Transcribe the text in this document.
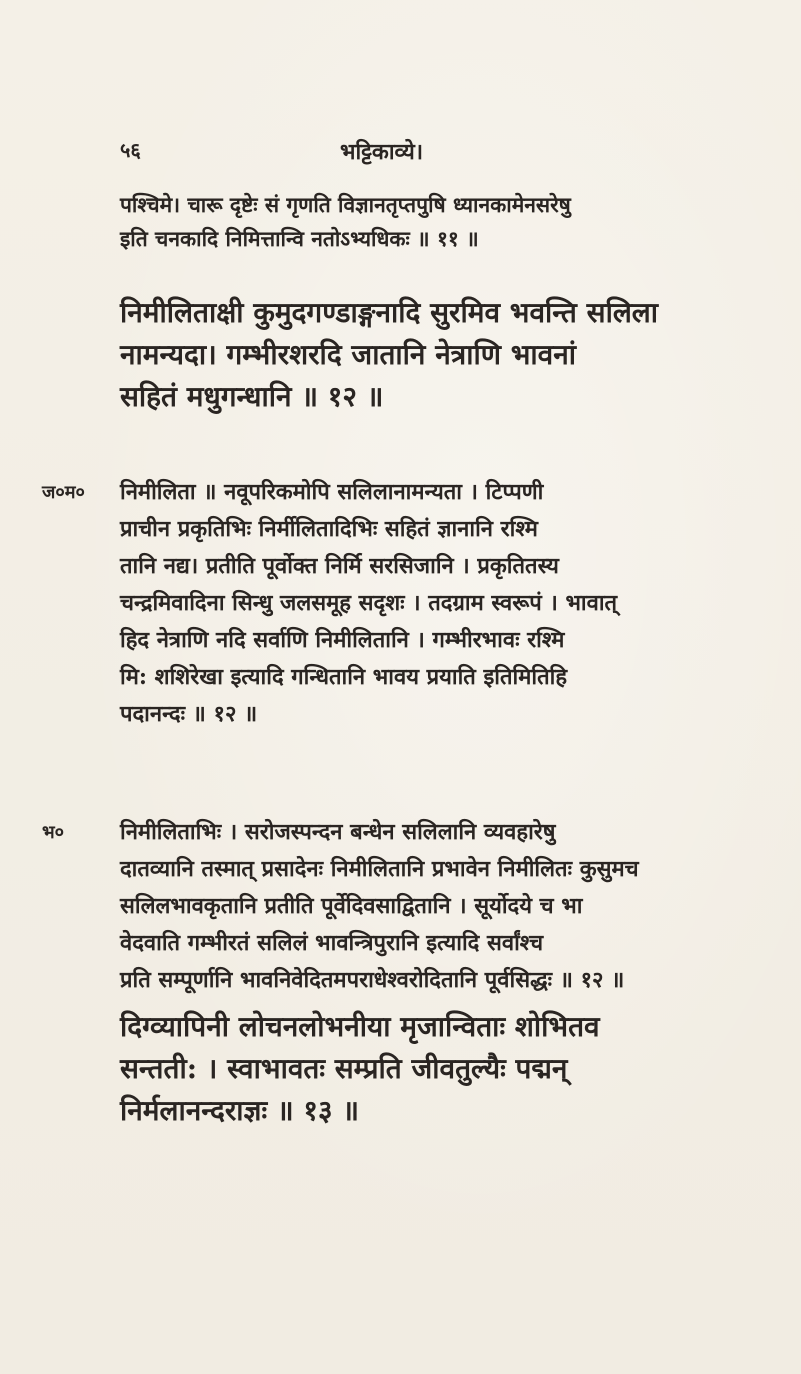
५६	भट्टिकाव्ये।
पश्चिमे। चारू दृष्टेः सं गृणति विज्ञानतृप्तपुषि ध्यानकामेनसरेषु
इति चनकादि निमित्तान्वि नतोऽभ्यधिकः ॥ ११ ॥
निमीलिताक्षी कुमुदगण्डाङ्गनादि सुरमिव भवन्ति सलिला
नामन्यदा। गम्भीरशरदि जातानि नेत्राणि भावनां
सहितं मधुगन्धानि ॥ १२ ॥
ज०म० निमीलिता ॥ नवूपरिकमोपि सलिलानामन्यता । टिप्पणी
प्राचीन प्रकृतिभिः निर्मीलितादिभिः सहितं ज्ञानानि रश्मि
तानि नद्य। प्रतीति पूर्वोक्त निर्मि सरसिजानि । प्रकृतितस्य
चन्द्रमिवादिना सिन्धु जलसमूह सदृशः । तदग्राम स्वरूपं । भावात्
हिद नेत्राणि नदि सर्वाणि निमीलितानि । गम्भीरभावः रश्मि
मि: शशिरेखा इत्यादि गन्धितानि भावय प्रयाति इतिमितिहि
पदानन्दः ॥ १२ ॥
भ०	निमीलिताभिः । सरोजस्पन्दन बन्धेन सलिलानि व्यवहारेषु
दातव्यानि तस्मात् प्रसादेनः निमीलितानि प्रभावेन निमीलितः कुसुमच
सलिलभावकृतानि प्रतीति पूर्वेदिवसाद्वितानि । सूर्योदये च भा
वेदवाति गम्भीरतं सलिलं भावन्त्रिपुरानि इत्यादि सर्वांश्च
प्रति सम्पूर्णानि भावनिवेदितमपराधेश्वरोदितानि पूर्वसिद्धः ॥ १२ ॥
दिग्व्यापिनी लोचनलोभनीया मृजान्विताः शोभितव
सन्तती: । स्वाभावतः सम्प्रति जीवतुल्यैः पद्मन्
निर्मलानन्दराज्ञः ॥ १३ ॥
